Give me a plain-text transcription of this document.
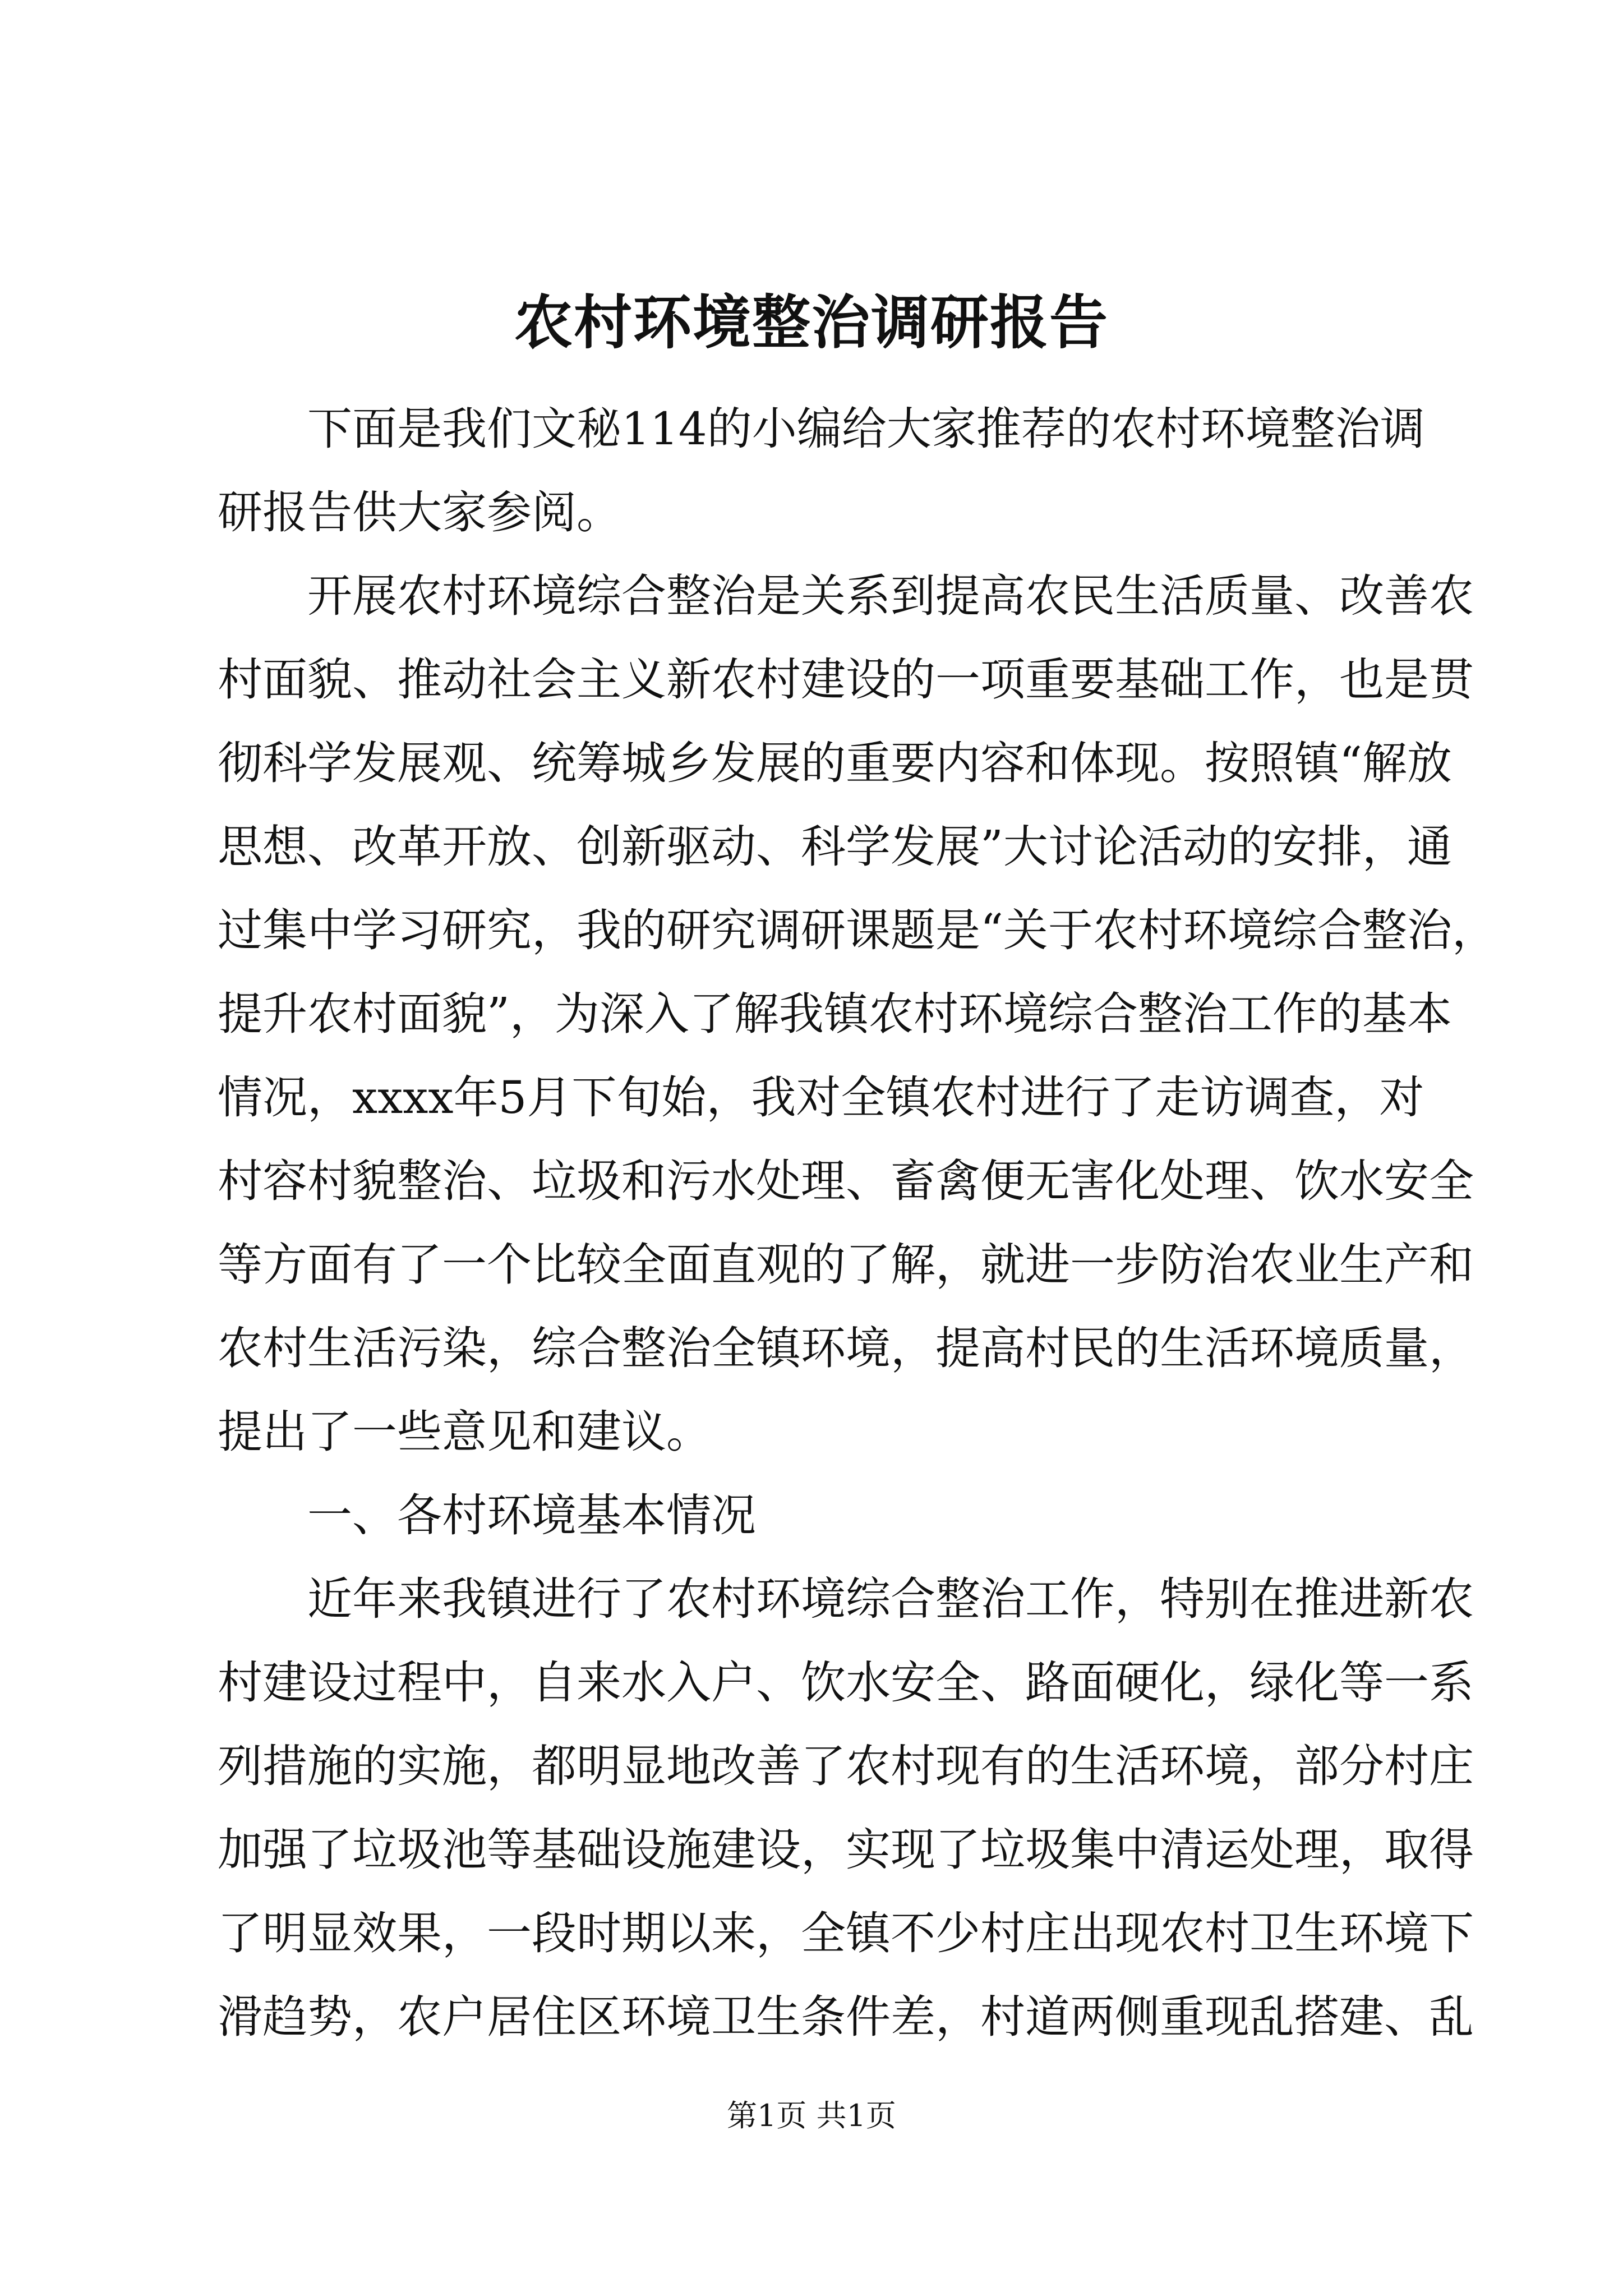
农村环境整治调研报告
下面是我们文秘114的小编给大家推荐的农村环境整治调
研报告供大家参阅。
开展农村环境综合整治是关系到提高农民生活质量、改善农
村面貌、推动社会主义新农村建设的一项重要基础工作，也是贯
彻科学发展观、统筹城乡发展的重要内容和体现。按照镇“解放
思想、改革开放、创新驱动、科学发展”大讨论活动的安排，通
过集中学习研究，我的研究调研课题是“关于农村环境综合整治，
提升农村面貌”，为深入了解我镇农村环境综合整治工作的基本
情况，xxxx年5月下旬始，我对全镇农村进行了走访调查，对
村容村貌整治、垃圾和污水处理、畜禽便无害化处理、饮水安全
等方面有了一个比较全面直观的了解，就进一步防治农业生产和
农村生活污染，综合整治全镇环境，提高村民的生活环境质量，
提出了一些意见和建议。
一、各村环境基本情况
近年来我镇进行了农村环境综合整治工作，特别在推进新农
村建设过程中，自来水入户、饮水安全、路面硬化，绿化等一系
列措施的实施，都明显地改善了农村现有的生活环境，部分村庄
加强了垃圾池等基础设施建设，实现了垃圾集中清运处理，取得
了明显效果，一段时期以来，全镇不少村庄出现农村卫生环境下
滑趋势，农户居住区环境卫生条件差，村道两侧重现乱搭建、乱
第1页 共1页
